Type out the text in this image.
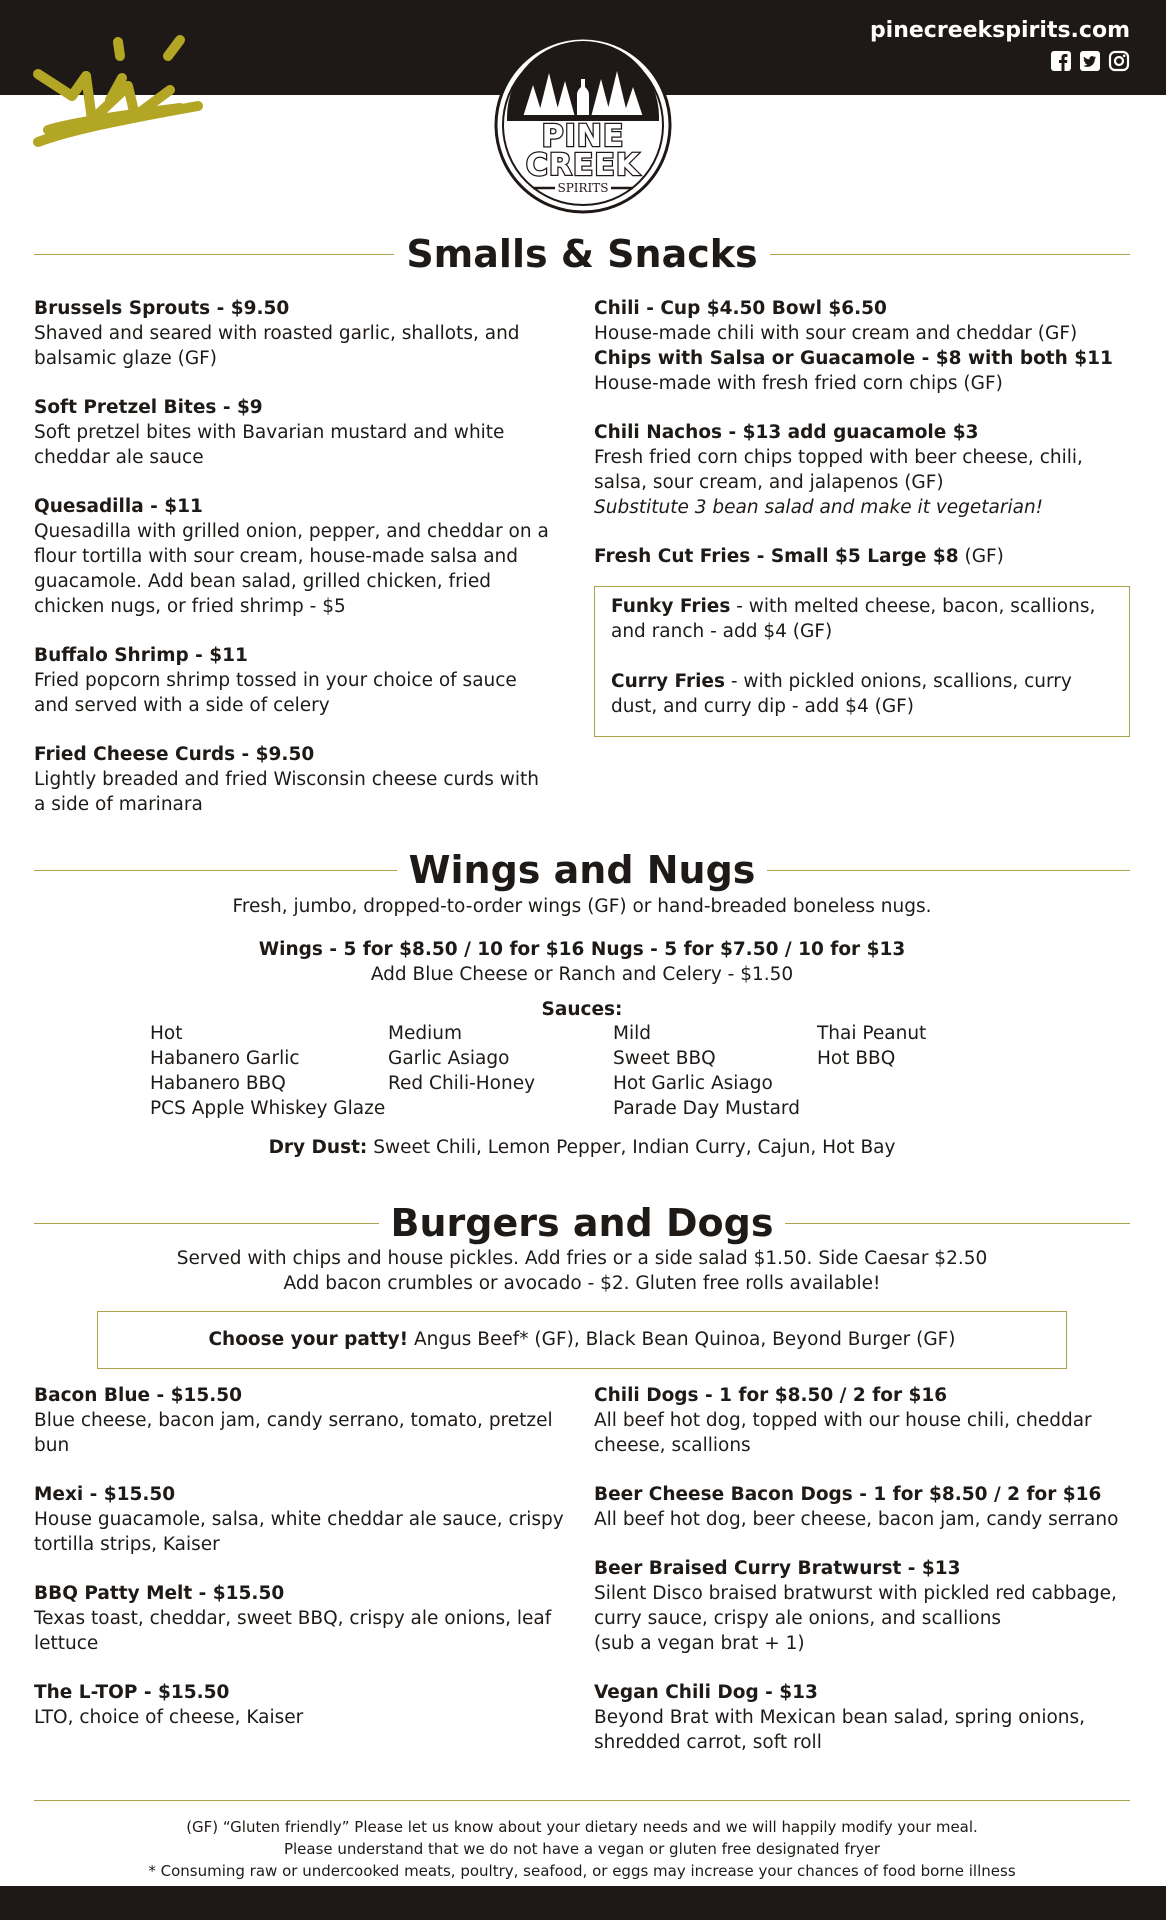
pinecreekspirits.com
PINE
CREEK
SPIRITS
Smalls & Snacks
Brussels Sprouts - $9.50
Shaved and seared with roasted garlic, shallots, and balsamic glaze (GF)
Soft Pretzel Bites - $9
Soft pretzel bites with Bavarian mustard and white cheddar ale sauce
Quesadilla - $11
Quesadilla with grilled onion, pepper, and cheddar on a flour tortilla with sour cream, house-made salsa and guacamole. Add bean salad, grilled chicken, fried chicken nugs, or fried shrimp - $5
Buffalo Shrimp - $11
Fried popcorn shrimp tossed in your choice of sauce and served with a side of celery
Fried Cheese Curds - $9.50
Lightly breaded and fried Wisconsin cheese curds with a side of marinara
Chili - Cup $4.50 Bowl $6.50
House-made chili with sour cream and cheddar (GF)
Chips with Salsa or Guacamole - $8 with both $11
House-made with fresh fried corn chips (GF)
Chili Nachos - $13 add guacamole $3
Fresh fried corn chips topped with beer cheese, chili, salsa, sour cream, and jalapenos (GF)
Substitute 3 bean salad and make it vegetarian!
Fresh Cut Fries - Small $5 Large $8 (GF)
Funky Fries - with melted cheese, bacon, scallions, and ranch - add $4 (GF)
Curry Fries - with pickled onions, scallions, curry dust, and curry dip - add $4 (GF)
Wings and Nugs
Fresh, jumbo, dropped-to-order wings (GF) or hand-breaded boneless nugs.
Wings - 5 for $8.50 / 10 for $16 Nugs - 5 for $7.50 / 10 for $13
Add Blue Cheese or Ranch and Celery - $1.50
Sauces:
Hot
Habanero Garlic
Habanero BBQ
PCS Apple Whiskey Glaze
Medium
Garlic Asiago
Red Chili-Honey
Mild
Sweet BBQ
Hot Garlic Asiago
Parade Day Mustard
Thai Peanut
Hot BBQ
Dry Dust: Sweet Chili, Lemon Pepper, Indian Curry, Cajun, Hot Bay
Burgers and Dogs
Served with chips and house pickles. Add fries or a side salad $1.50. Side Caesar $2.50
Add bacon crumbles or avocado - $2. Gluten free rolls available!
Choose your patty! Angus Beef* (GF), Black Bean Quinoa, Beyond Burger (GF)
Bacon Blue - $15.50
Blue cheese, bacon jam, candy serrano, tomato, pretzel bun
Mexi - $15.50
House guacamole, salsa, white cheddar ale sauce, crispy tortilla strips, Kaiser
BBQ Patty Melt - $15.50
Texas toast, cheddar, sweet BBQ, crispy ale onions, leaf lettuce
The L-TOP - $15.50
LTO, choice of cheese, Kaiser
Chili Dogs - 1 for $8.50 / 2 for $16
All beef hot dog, topped with our house chili, cheddar cheese, scallions
Beer Cheese Bacon Dogs - 1 for $8.50 / 2 for $16
All beef hot dog, beer cheese, bacon jam, candy serrano
Beer Braised Curry Bratwurst - $13
Silent Disco braised bratwurst with pickled red cabbage, curry sauce, crispy ale onions, and scallions
(sub a vegan brat + 1)
Vegan Chili Dog - $13
Beyond Brat with Mexican bean salad, spring onions, shredded carrot, soft roll
(GF) “Gluten friendly” Please let us know about your dietary needs and we will happily modify your meal.
Please understand that we do not have a vegan or gluten free designated fryer
* Consuming raw or undercooked meats, poultry, seafood, or eggs may increase your chances of food borne illness
